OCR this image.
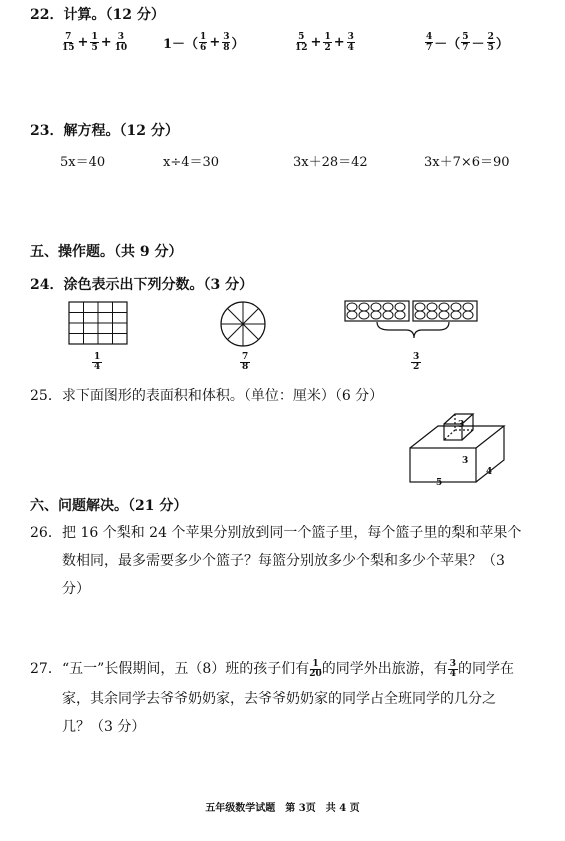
22．计算。（12 分）
$\frac{7}{15} + \frac{1}{5} + \frac{3}{10}$	$1-( \frac{1}{6} + \frac{3}{8}$ ）	$\frac{5}{12} + \frac{1}{2} + \frac{3}{4}$	$\frac{4}{7}$ －（ $\frac{5}{7} - \frac{2}{5}$ ）
23．解方程。（12 分）
5x＝40	x÷4＝30	3x＋28＝42	3x＋7×6＝90
五、操作题。（共 9 分）
24．涂色表示出下列分数。（3 分）
$\frac{1}{4}$	$\frac{7}{8}$	$\frac{3}{2}$
25．求下面图形的表面积和体积。（单位：厘米）（6 分）
3
3
5
4
六、问题解决。（21 分）
26． 把 16 个梨和 24 个苹果分别放到同一个篮子里，每个篮子里的梨和苹果个
数相同，最多需要多少个篮子？每篮分别放多少个梨和多少个苹果？（3
分）
27． “五一”长假期间，五（8）班的孩子们有 $\frac{1}{20}$ 的同学外出旅游，有 $\frac{3}{4}$ 的同学在
家，其余同学去爷爷奶奶家，去爷爷奶奶家的同学占全班同学的几分之
几？（3 分）
五年级数学试题　第 3页　共 4 页
